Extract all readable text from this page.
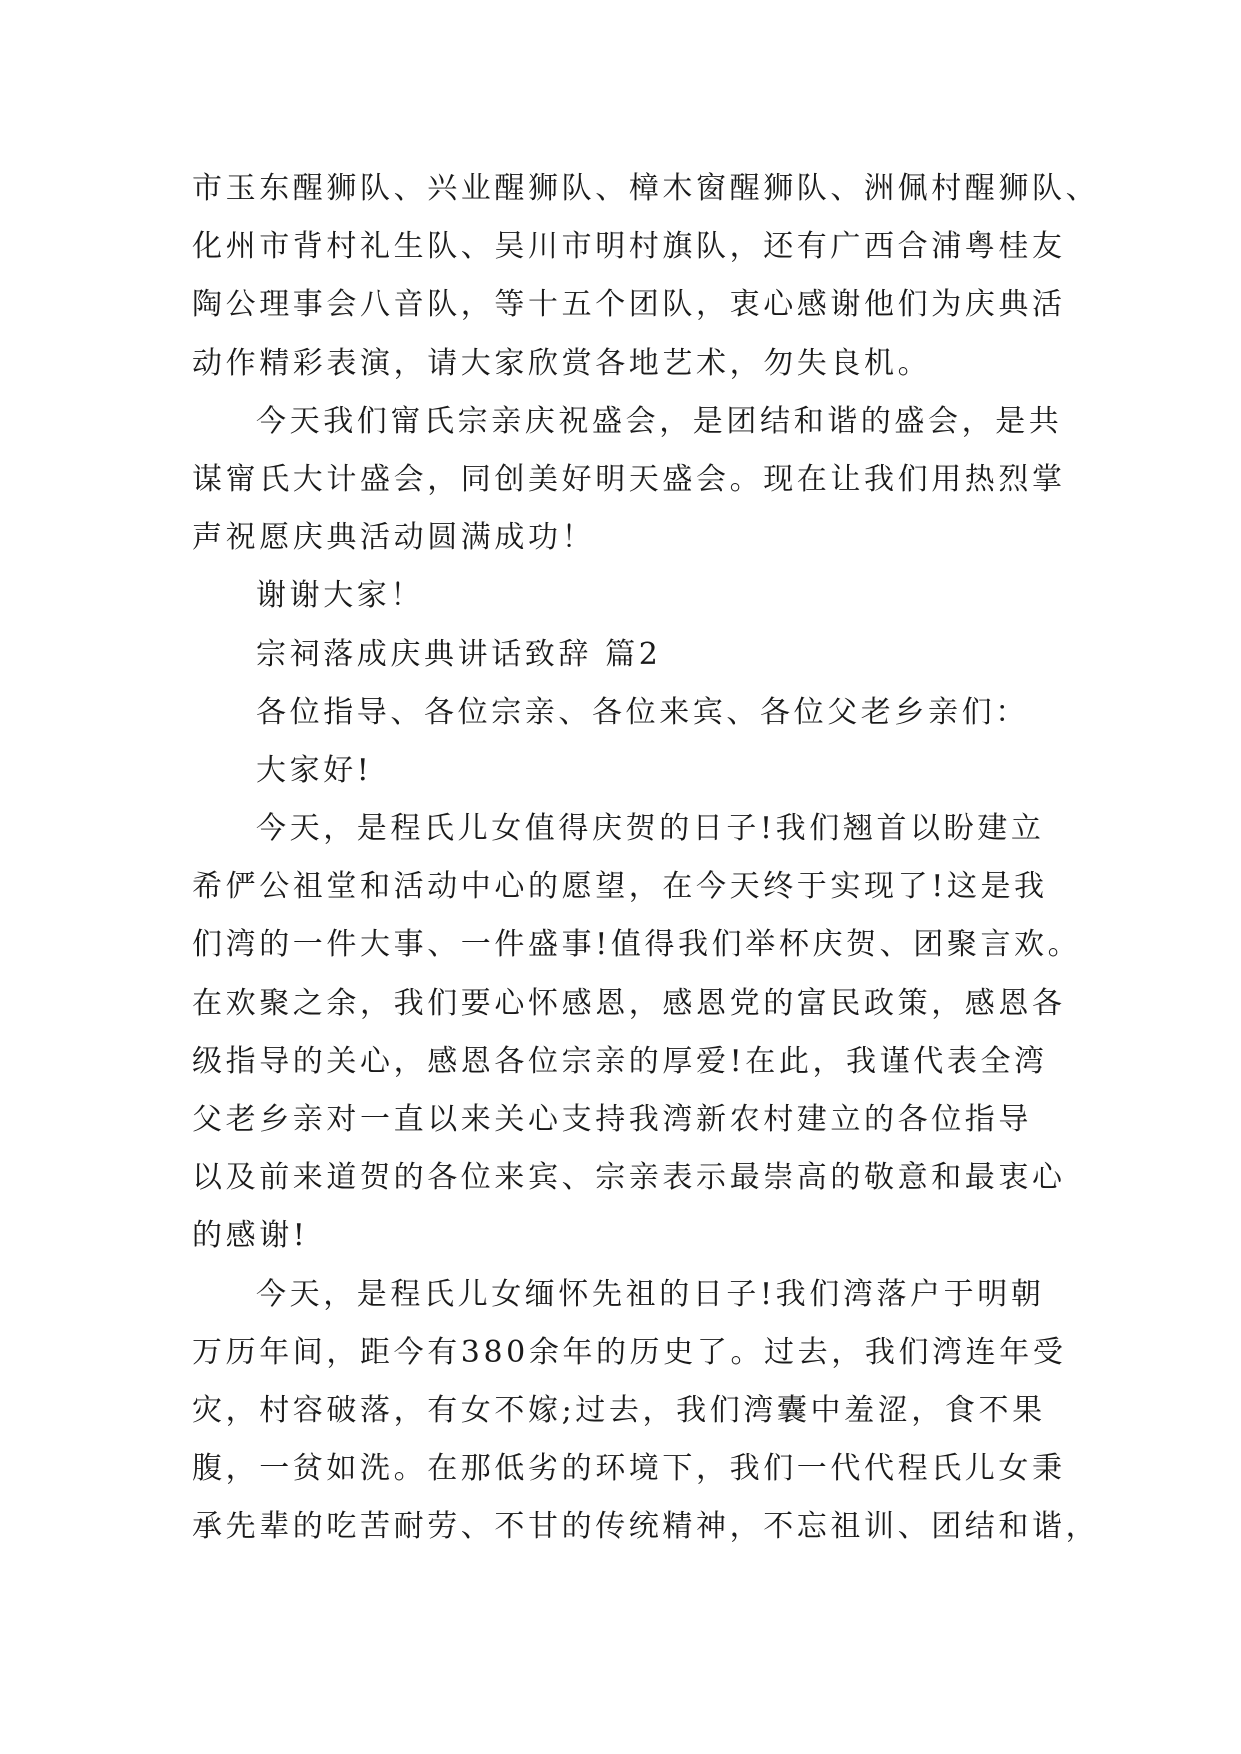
市玉东醒狮队、兴业醒狮队、樟木窗醒狮队、洲佩村醒狮队、
化州市背村礼生队、吴川市明村旗队，还有广西合浦粤桂友
陶公理事会八音队，等十五个团队，衷心感谢他们为庆典活
动作精彩表演，请大家欣赏各地艺术，勿失良机。
今天我们甯氏宗亲庆祝盛会，是团结和谐的盛会，是共
谋甯氏大计盛会，同创美好明天盛会。现在让我们用热烈掌
声祝愿庆典活动圆满成功！
谢谢大家！
宗祠落成庆典讲话致辞 篇2
各位指导、各位宗亲、各位来宾、各位父老乡亲们：
大家好!
今天，是程氏儿女值得庆贺的日子!我们翘首以盼建立
希俨公祖堂和活动中心的愿望，在今天终于实现了!这是我
们湾的一件大事、一件盛事!值得我们举杯庆贺、团聚言欢。
在欢聚之余，我们要心怀感恩，感恩党的富民政策，感恩各
级指导的关心，感恩各位宗亲的厚爱!在此，我谨代表全湾
父老乡亲对一直以来关心支持我湾新农村建立的各位指导
以及前来道贺的各位来宾、宗亲表示最崇高的敬意和最衷心
的感谢!
今天，是程氏儿女缅怀先祖的日子!我们湾落户于明朝
万历年间，距今有380余年的历史了。过去，我们湾连年受
灾，村容破落，有女不嫁;过去，我们湾囊中羞涩，食不果
腹，一贫如洗。在那低劣的环境下，我们一代代程氏儿女秉
承先辈的吃苦耐劳、不甘的传统精神，不忘祖训、团结和谐，
